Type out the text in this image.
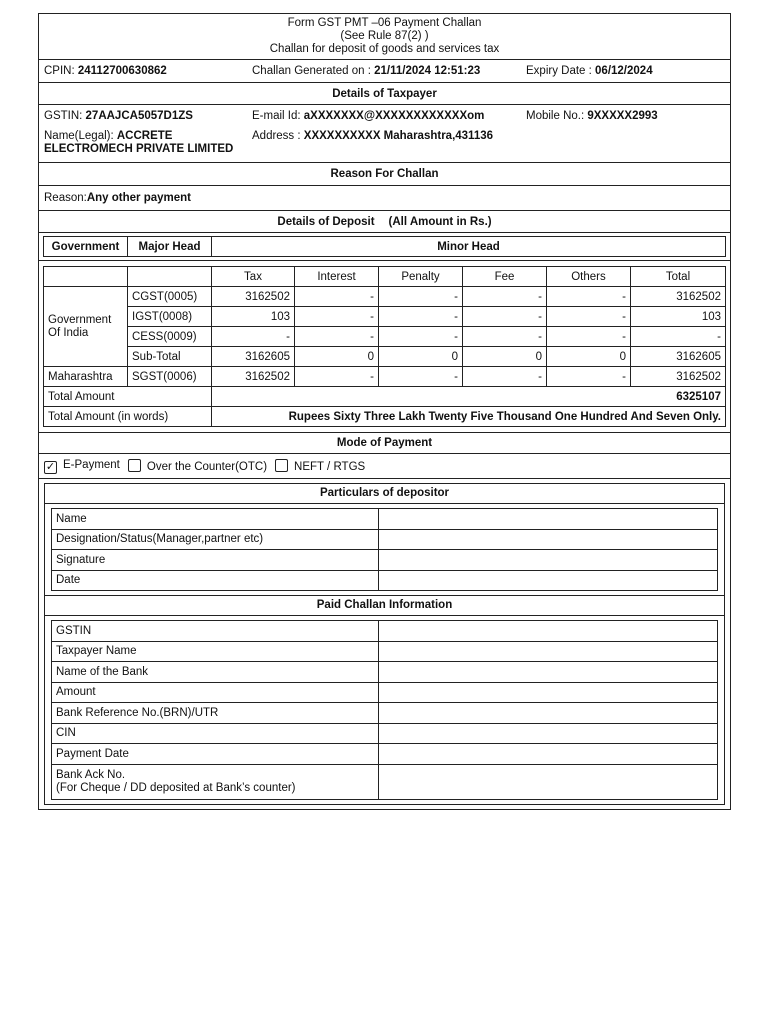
Form GST PMT –06 Payment Challan
(See Rule 87(2) )
Challan for deposit of goods and services tax
CPIN: 24112700630862	Challan Generated on : 21/11/2024 12:51:23	Expiry Date : 06/12/2024
Details of Taxpayer
GSTIN: 27AAJCA5057D1ZS
Name(Legal): ACCRETE
ELECTROMECH PRIVATE LIMITED
E-mail Id: aXXXXXXX@XXXXXXXXXXXXom
Address : XXXXXXXXXX Maharashtra,431136
Mobile No.: 9XXXXX2993
Reason For Challan
Reason: Any other payment
Details of Deposit (All Amount in Rs.)
Government	Major Head	Minor Head
		Tax	Interest	Penalty	Fee	Others	Total
Government Of India	CGST(0005)	3162502	-	-	-	-	3162502
	IGST(0008)	103	-	-	-	-	103
	CESS(0009)	-	-	-	-	-	-
	Sub-Total	3162605	0	0	0	0	3162605
Maharashtra	SGST(0006)	3162502	-	-	-	-	3162502
Total Amount		6325107					
Total Amount (in words)		Rupees Sixty Three Lakh Twenty Five Thousand One Hundred And Seven Only.					
Mode of Payment
✓ E-Payment	Over the Counter(OTC)	NEFT / RTGS
Particulars of depositor
Name	
Designation/Status(Manager,partner etc)	
Signature	
Date	
Paid Challan Information
GSTIN	
Taxpayer Name	
Name of the Bank	
Amount	
Bank Reference No.(BRN)/UTR	
CIN	
Payment Date	
Bank Ack No.
(For Cheque / DD deposited at Bank’s counter)	
